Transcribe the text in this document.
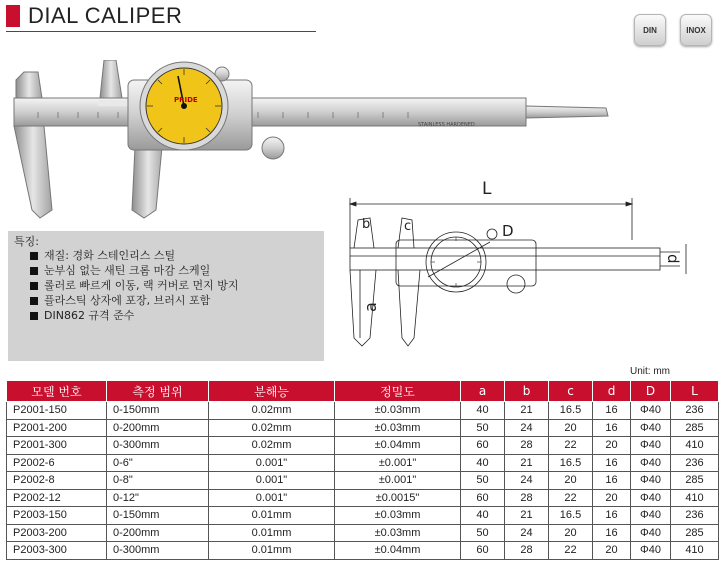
DIAL CALIPER
DIN	INOX
STAINLESS HARDENED
PRIDE
특징:
재질: 경화 스테인리스 스틸
눈부심 없는 새틴 크롬 마감 스케일
롤러로 빠르게 이동, 랙 커버로 먼지 방지
플라스틱 상자에 포장, 브러시 포함
DIN862 규격 준수
L
d
b	c
a
D
Unit: mm
모델 번호	측정 범위	분해능	정밀도	a	b	c	d	D	L
P2001-150	0-150mm	0.02mm	±0.03mm	40	21	16.5	16	Φ40	236
P2001-200	0-200mm	0.02mm	±0.03mm	50	24	20	16	Φ40	285
P2001-300	0-300mm	0.02mm	±0.04mm	60	28	22	20	Φ40	410
P2002-6	0-6"	0.001"	±0.001"	40	21	16.5	16	Φ40	236
P2002-8	0-8"	0.001"	±0.001"	50	24	20	16	Φ40	285
P2002-12	0-12"	0.001"	±0.0015"	60	28	22	20	Φ40	410
P2003-150	0-150mm	0.01mm	±0.03mm	40	21	16.5	16	Φ40	236
P2003-200	0-200mm	0.01mm	±0.03mm	50	24	20	16	Φ40	285
P2003-300	0-300mm	0.01mm	±0.04mm	60	28	22	20	Φ40	410
